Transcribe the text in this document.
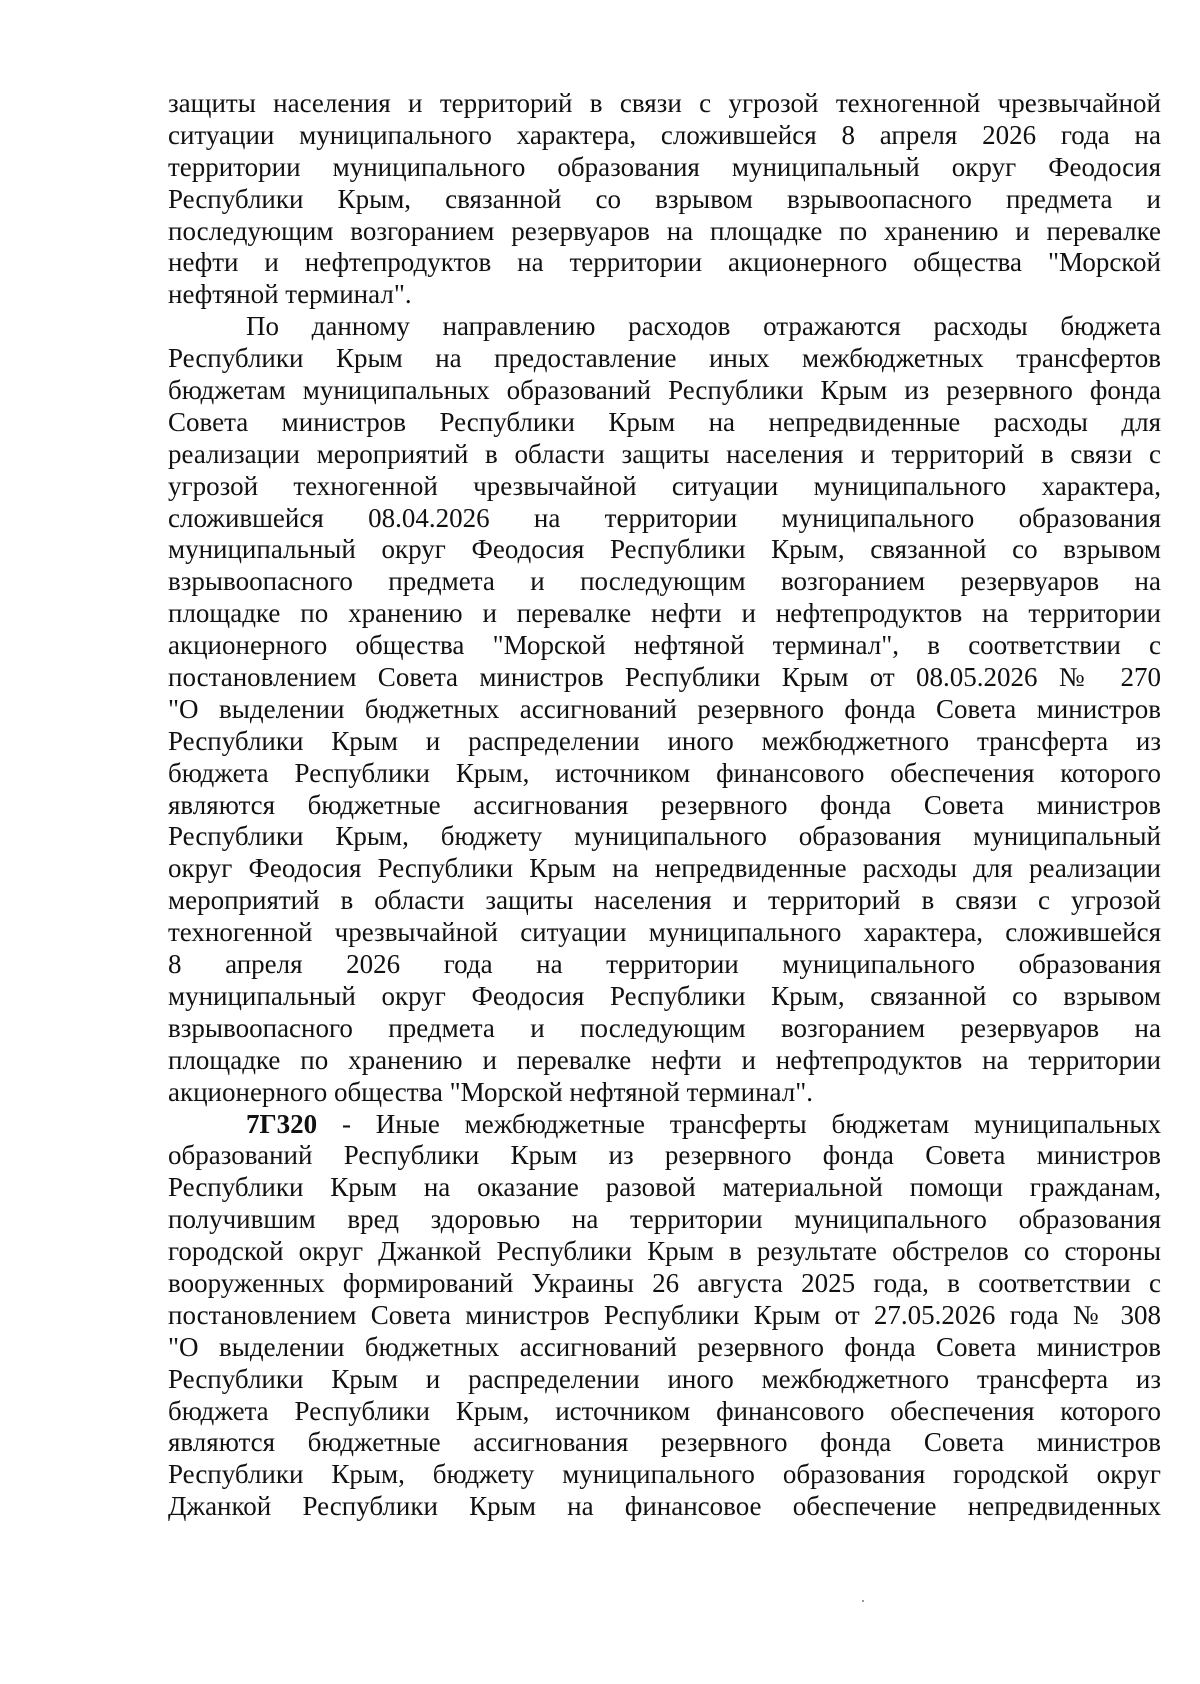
защиты населения и территорий в связи с угрозой техногенной чрезвычайной
ситуации муниципального характера, сложившейся 8 апреля 2026 года на
территории муниципального образования муниципальный округ Феодосия
Республики Крым, связанной со взрывом взрывоопасного предмета и
последующим возгоранием резервуаров на площадке по хранению и перевалке
нефти и нефтепродуктов на территории акционерного общества "Морской
нефтяной терминал".
По данному направлению расходов отражаются расходы бюджета
Республики Крым на предоставление иных межбюджетных трансфертов
бюджетам муниципальных образований Республики Крым из резервного фонда
Совета министров Республики Крым на непредвиденные расходы для
реализации мероприятий в области защиты населения и территорий в связи с
угрозой техногенной чрезвычайной ситуации муниципального характера,
сложившейся 08.04.2026 на территории муниципального образования
муниципальный округ Феодосия Республики Крым, связанной со взрывом
взрывоопасного предмета и последующим возгоранием резервуаров на
площадке по хранению и перевалке нефти и нефтепродуктов на территории
акционерного общества "Морской нефтяной терминал", в соответствии с
постановлением Совета министров Республики Крым от 08.05.2026 № 270
"О выделении бюджетных ассигнований резервного фонда Совета министров
Республики Крым и распределении иного межбюджетного трансферта из
бюджета Республики Крым, источником финансового обеспечения которого
являются бюджетные ассигнования резервного фонда Совета министров
Республики Крым, бюджету муниципального образования муниципальный
округ Феодосия Республики Крым на непредвиденные расходы для реализации
мероприятий в области защиты населения и территорий в связи с угрозой
техногенной чрезвычайной ситуации муниципального характера, сложившейся
8 апреля 2026 года на территории муниципального образования
муниципальный округ Феодосия Республики Крым, связанной со взрывом
взрывоопасного предмета и последующим возгоранием резервуаров на
площадке по хранению и перевалке нефти и нефтепродуктов на территории
акционерного общества "Морской нефтяной терминал".
7Г320 - Иные межбюджетные трансферты бюджетам муниципальных
образований Республики Крым из резервного фонда Совета министров
Республики Крым на оказание разовой материальной помощи гражданам,
получившим вред здоровью на территории муниципального образования
городской округ Джанкой Республики Крым в результате обстрелов со стороны
вооруженных формирований Украины 26 августа 2025 года, в соответствии с
постановлением Совета министров Республики Крым от 27.05.2026 года № 308
"О выделении бюджетных ассигнований резервного фонда Совета министров
Республики Крым и распределении иного межбюджетного трансферта из
бюджета Республики Крым, источником финансового обеспечения которого
являются бюджетные ассигнования резервного фонда Совета министров
Республики Крым, бюджету муниципального образования городской округ
Джанкой Республики Крым на финансовое обеспечение непредвиденных
